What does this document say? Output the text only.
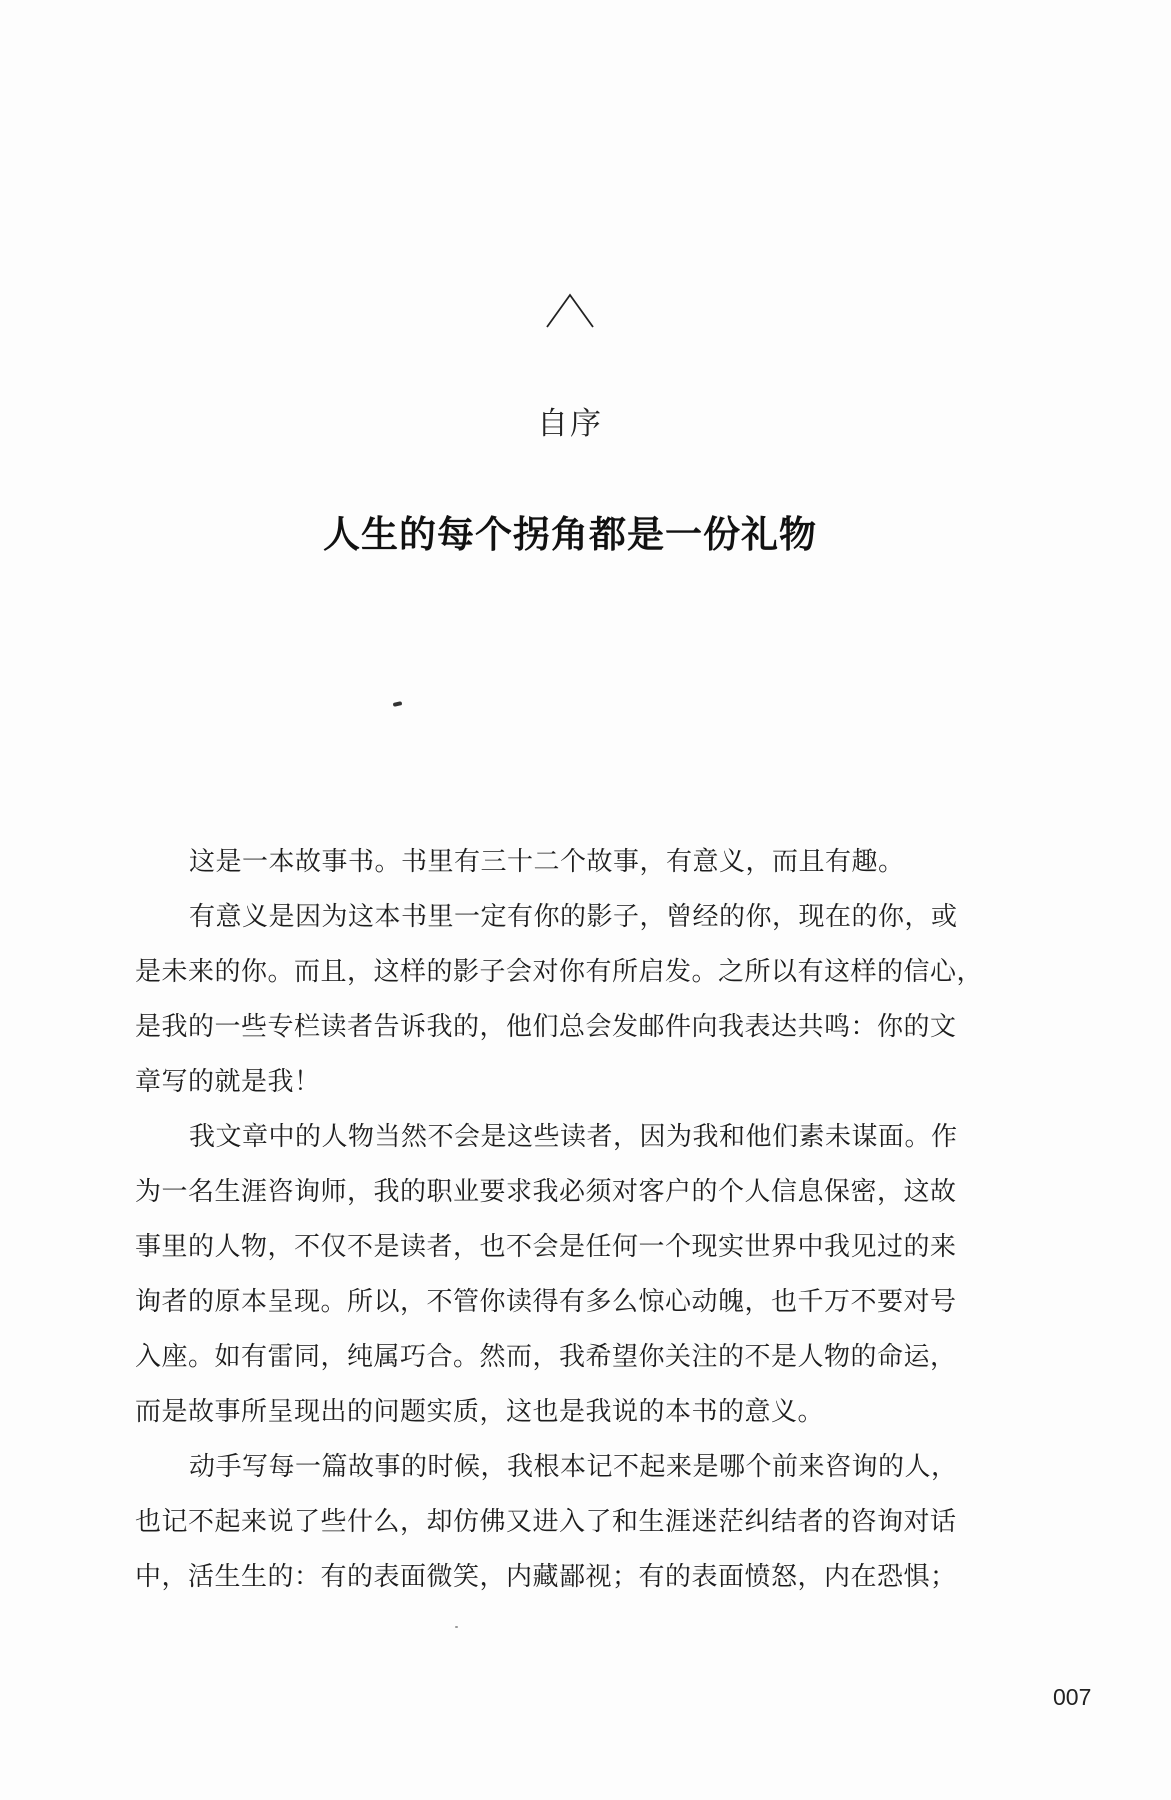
自序
人生的每个拐角都是一份礼物
这是一本故事书。书里有三十二个故事，有意义，而且有趣。
有意义是因为这本书里一定有你的影子，曾经的你，现在的你，或
是未来的你。而且，这样的影子会对你有所启发。之所以有这样的信心，
是我的一些专栏读者告诉我的，他们总会发邮件向我表达共鸣：你的文
章写的就是我！
我文章中的人物当然不会是这些读者，因为我和他们素未谋面。作
为一名生涯咨询师，我的职业要求我必须对客户的个人信息保密，这故
事里的人物，不仅不是读者，也不会是任何一个现实世界中我见过的来
询者的原本呈现。所以，不管你读得有多么惊心动魄，也千万不要对号
入座。如有雷同，纯属巧合。然而，我希望你关注的不是人物的命运，
而是故事所呈现出的问题实质，这也是我说的本书的意义。
动手写每一篇故事的时候，我根本记不起来是哪个前来咨询的人，
也记不起来说了些什么，却仿佛又进入了和生涯迷茫纠结者的咨询对话
中，活生生的：有的表面微笑，内藏鄙视；有的表面愤怒，内在恐惧；
007
